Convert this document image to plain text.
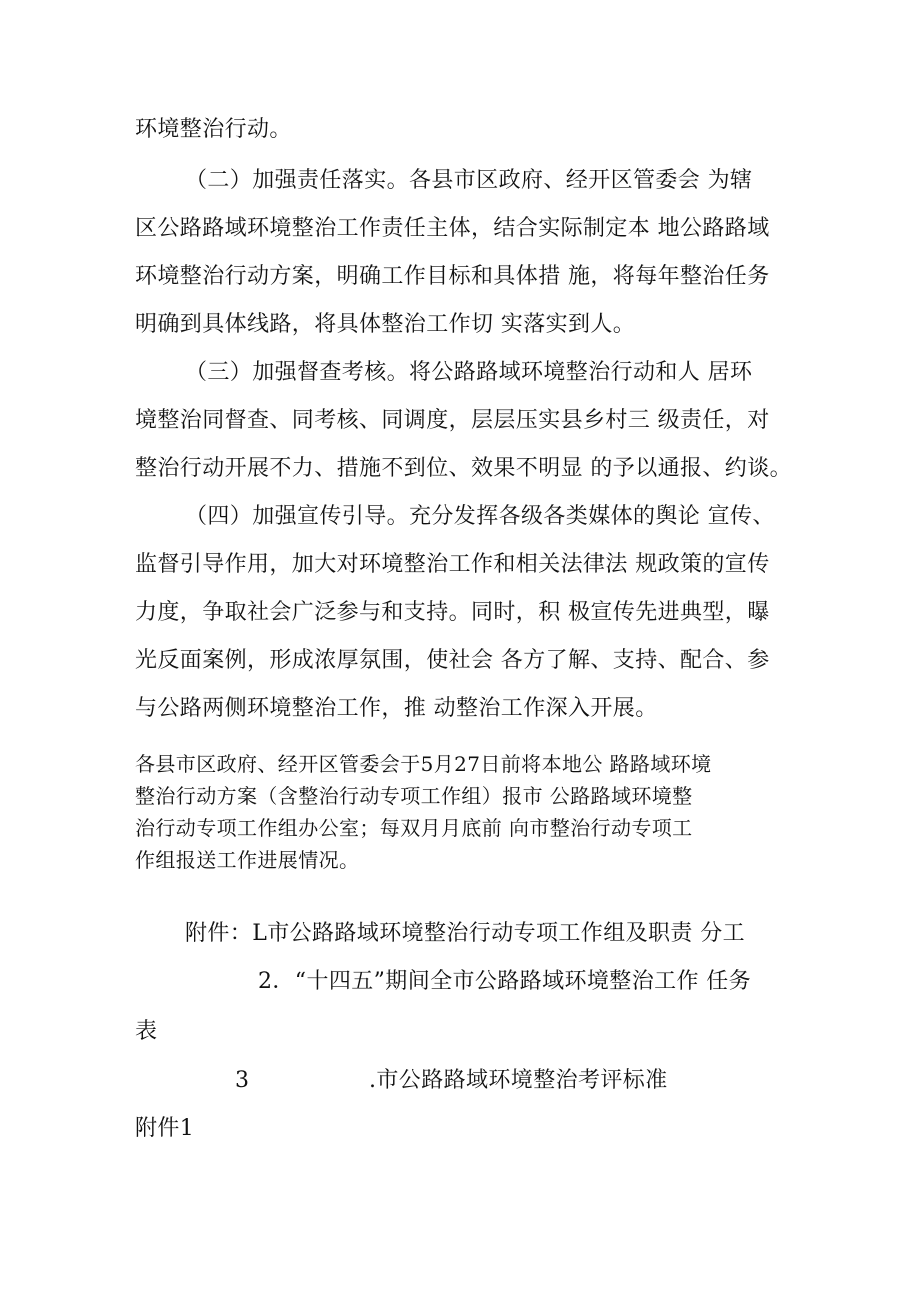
环境整治行动。
（二）加强责任落实。各县市区政府、经开区管委会 为辖
区公路路域环境整治工作责任主体，结合实际制定本 地公路路域
环境整治行动方案，明确工作目标和具体措 施，将每年整治任务
明确到具体线路，将具体整治工作切 实落实到人。
（三）加强督查考核。将公路路域环境整治行动和人 居环
境整治同督查、同考核、同调度，层层压实县乡村三 级责任，对
整治行动开展不力、措施不到位、效果不明显 的予以通报、约谈。
（四）加强宣传引导。充分发挥各级各类媒体的舆论 宣传、
监督引导作用，加大对环境整治工作和相关法律法 规政策的宣传
力度，争取社会广泛参与和支持。同时，积 极宣传先进典型，曝
光反面案例，形成浓厚氛围，使社会 各方了解、支持、配合、参
与公路两侧环境整治工作，推 动整治工作深入开展。
各县市区政府、经开区管委会于5月27日前将本地公 路路域环境
整治行动方案（含整治行动专项工作组）报市 公路路域环境整
治行动专项工作组办公室；每双月月底前 向市整治行动专项工
作组报送工作进展情况。
附件：L市公路路域环境整治行动专项工作组及职责 分工
2．“十四五”期间全市公路路域环境整治工作 任务
表
3	.市公路路域环境整治考评标准
附件1
